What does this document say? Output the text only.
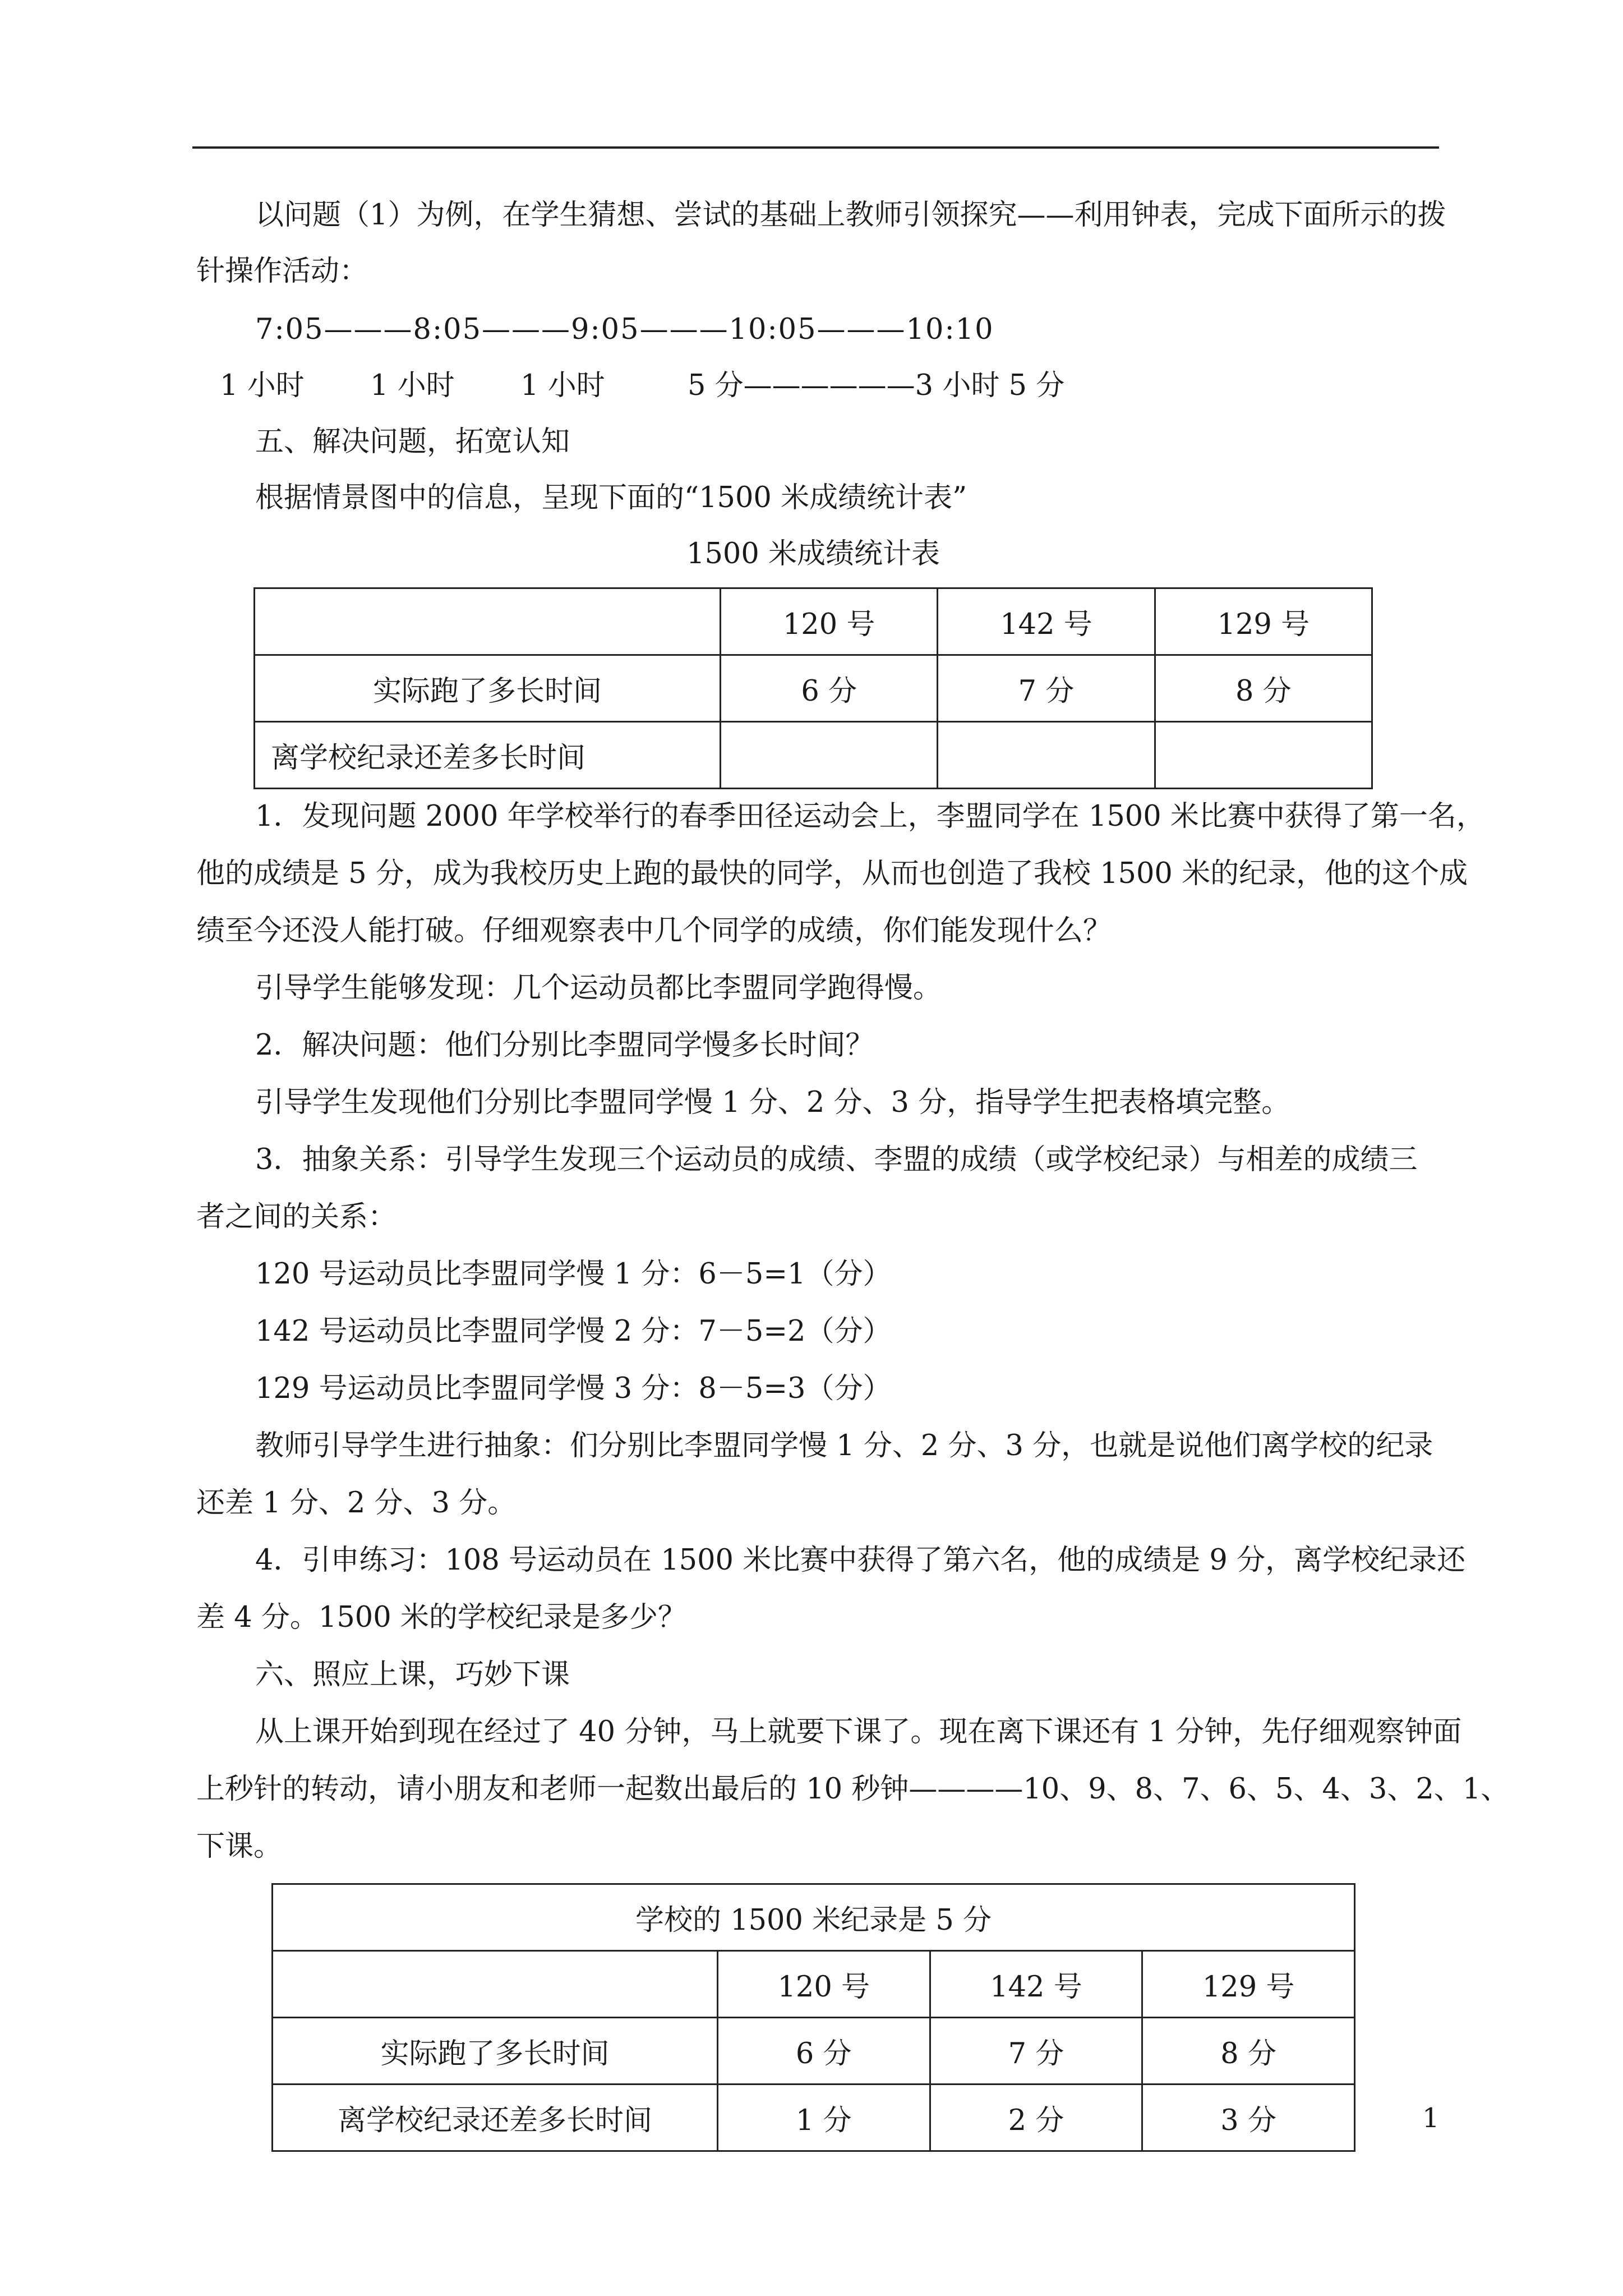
以问题（1）为例，在学生猜想、尝试的基础上教师引领探究——利用钟表，完成下面所示的拨
针操作活动：
7:05———8:05———9:05———10:05———10:10
1 小时 1 小时 1 小时	5 分——————3 小时 5 分
五、解决问题，拓宽认知
根据情景图中的信息，呈现下面的“1500 米成绩统计表”
1500 米成绩统计表
	120 号	142 号	129 号
实际跑了多长时间	6 分	7 分	8 分
离学校纪录还差多长时间			
1．发现问题 2000 年学校举行的春季田径运动会上，李盟同学在 1500 米比赛中获得了第一名，
他的成绩是 5 分，成为我校历史上跑的最快的同学，从而也创造了我校 1500 米的纪录，他的这个成
绩至今还没人能打破。仔细观察表中几个同学的成绩，你们能发现什么？
引导学生能够发现：几个运动员都比李盟同学跑得慢。
2．解决问题：他们分别比李盟同学慢多长时间？
引导学生发现他们分别比李盟同学慢 1 分、2 分、3 分，指导学生把表格填完整。
3．抽象关系：引导学生发现三个运动员的成绩、李盟的成绩（或学校纪录）与相差的成绩三
者之间的关系：
120 号运动员比李盟同学慢 1 分：6－5=1（分）
142 号运动员比李盟同学慢 2 分：7－5=2（分）
129 号运动员比李盟同学慢 3 分：8－5=3（分）
教师引导学生进行抽象：们分别比李盟同学慢 1 分、2 分、3 分，也就是说他们离学校的纪录
还差 1 分、2 分、3 分。
4．引申练习：108 号运动员在 1500 米比赛中获得了第六名，他的成绩是 9 分，离学校纪录还
差 4 分。1500 米的学校纪录是多少？
六、照应上课，巧妙下课
从上课开始到现在经过了 40 分钟，马上就要下课了。现在离下课还有 1 分钟，先仔细观察钟面
上秒针的转动，请小朋友和老师一起数出最后的 10 秒钟————10、9、8、7、6、5、4、3、2、1、
下课。
学校的 1500 米纪录是 5 分			
	120 号	142 号	129 号
实际跑了多长时间	6 分	7 分	8 分
离学校纪录还差多长时间	1 分	2 分	3 分	1
